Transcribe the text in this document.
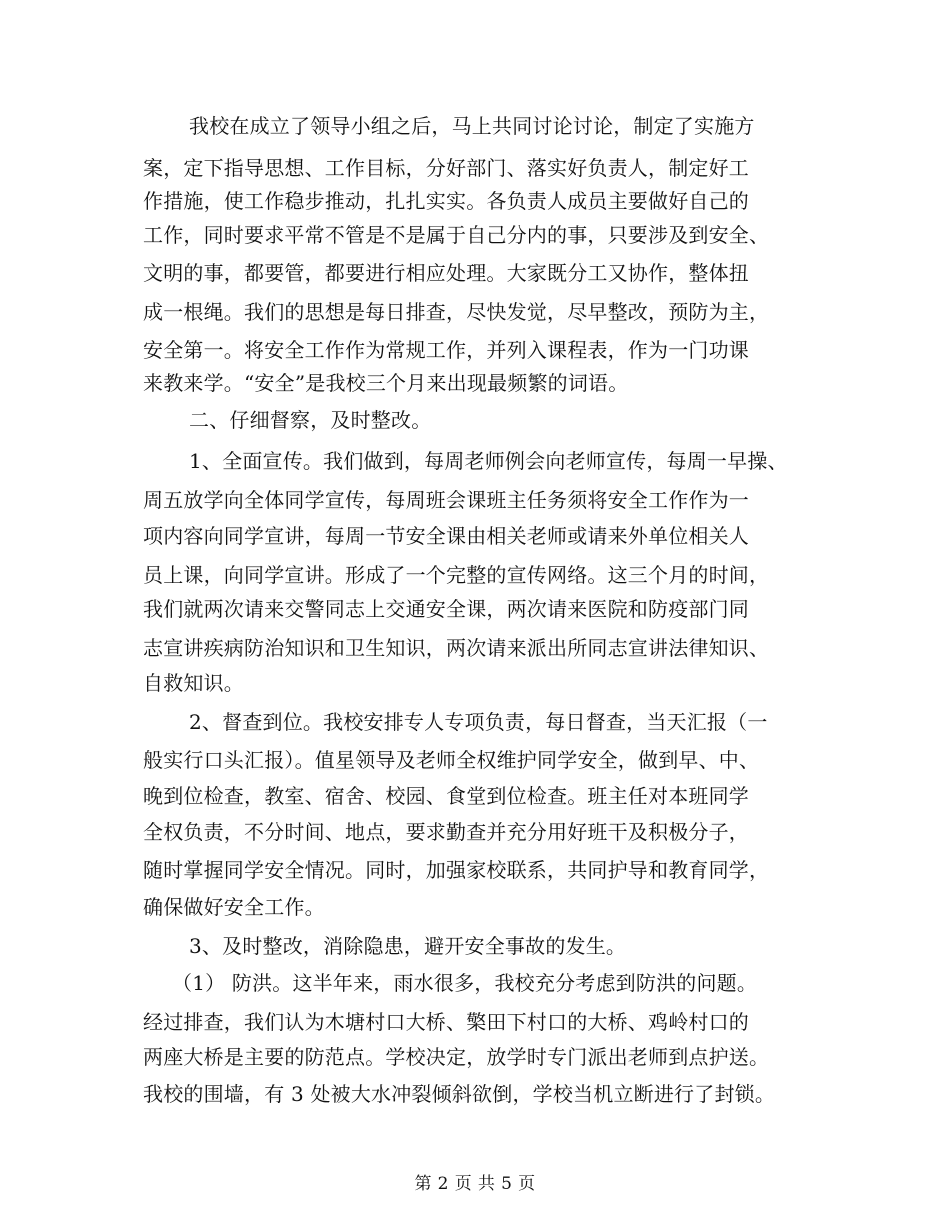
我校在成立了领导小组之后，马上共同讨论讨论，制定了实施方
案，定下指导思想、工作目标，分好部门、落实好负责人，制定好工
作措施，使工作稳步推动，扎扎实实。各负责人成员主要做好自己的
工作，同时要求平常不管是不是属于自己分内的事，只要涉及到安全、
文明的事，都要管，都要进行相应处理。大家既分工又协作，整体扭
成一根绳。我们的思想是每日排查，尽快发觉，尽早整改，预防为主，
安全第一。将安全工作作为常规工作，并列入课程表，作为一门功课
来教来学。“安全”是我校三个月来出现最频繁的词语。
二、仔细督察，及时整改。
1、全面宣传。我们做到，每周老师例会向老师宣传，每周一早操、
周五放学向全体同学宣传，每周班会课班主任务须将安全工作作为一
项内容向同学宣讲，每周一节安全课由相关老师或请来外单位相关人
员上课，向同学宣讲。形成了一个完整的宣传网络。这三个月的时间，
我们就两次请来交警同志上交通安全课，两次请来医院和防疫部门同
志宣讲疾病防治知识和卫生知识，两次请来派出所同志宣讲法律知识、
自救知识。
2、督查到位。我校安排专人专项负责，每日督查，当天汇报（一
般实行口头汇报）。值星领导及老师全权维护同学安全，做到早、中、
晚到位检查，教室、宿舍、校园、食堂到位检查。班主任对本班同学
全权负责，不分时间、地点，要求勤查并充分用好班干及积极分子，
随时掌握同学安全情况。同时，加强家校联系，共同护导和教育同学，
确保做好安全工作。
3、及时整改，消除隐患，避开安全事故的发生。
（1） 防洪。这半年来，雨水很多，我校充分考虑到防洪的问题。
经过排查，我们认为木塘村口大桥、檠田下村口的大桥、鸡岭村口的
两座大桥是主要的防范点。学校决定，放学时专门派出老师到点护送。
我校的围墙，有 3 处被大水冲裂倾斜欲倒，学校当机立断进行了封锁。
第 2 页 共 5 页
